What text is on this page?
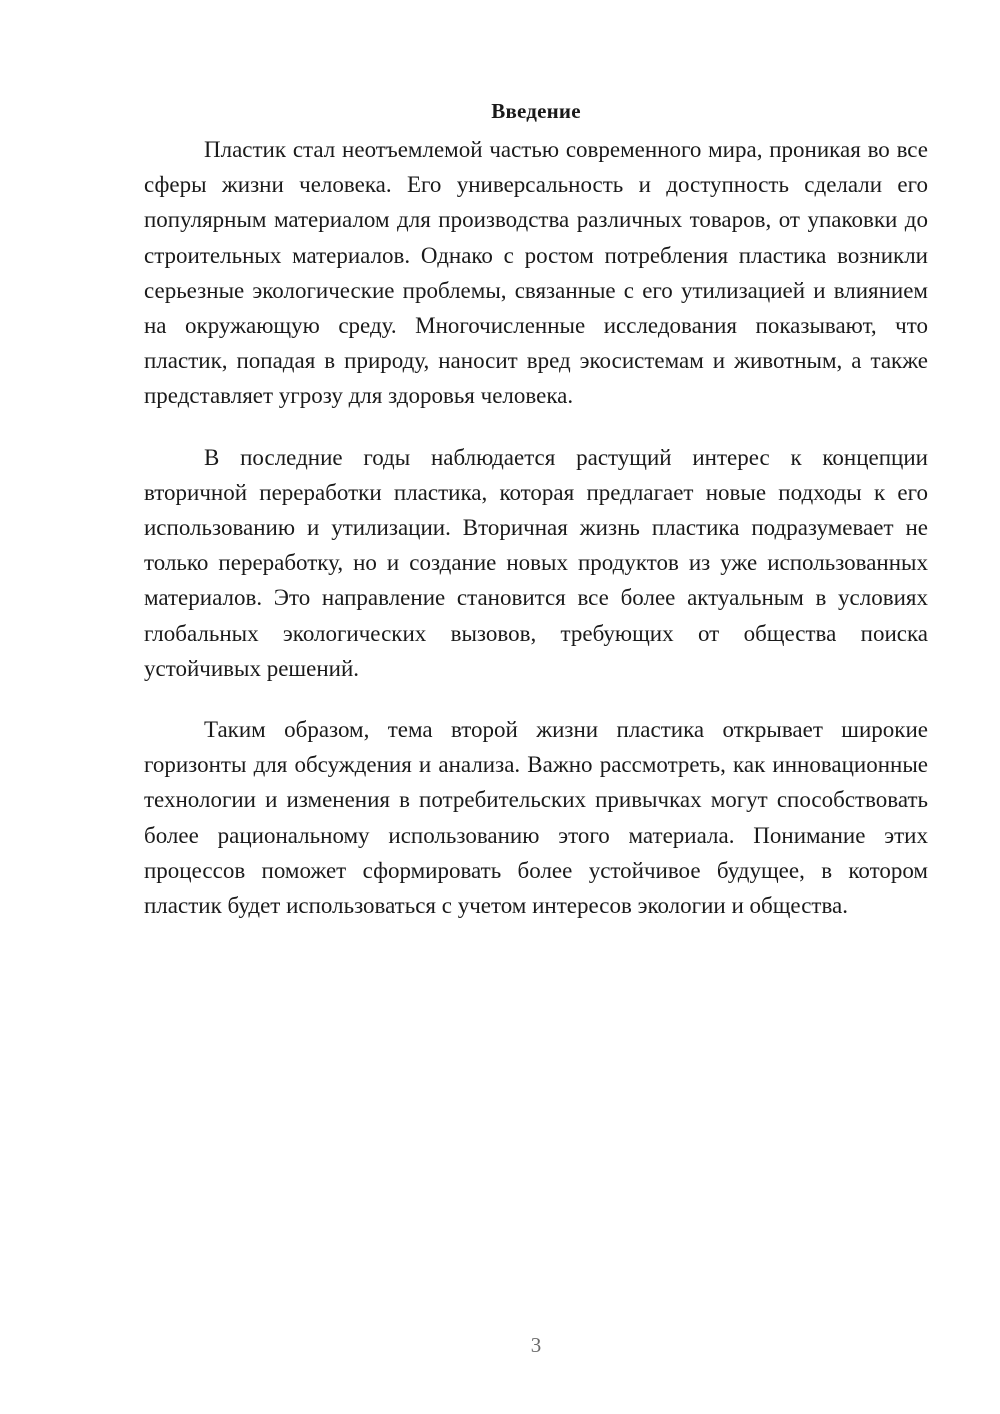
Введение

Пластик стал неотъемлемой частью современного мира, проникая во все сферы жизни человека. Его универсальность и доступность сделали его популярным материалом для производства различных товаров, от упаковки до строительных материалов. Однако с ростом потребления пластика возникли серьезные экологические проблемы, связанные с его утилизацией и влиянием на окружающую среду. Многочисленные исследования показывают, что пластик, попадая в природу, наносит вред экосистемам и животным, а также представляет угрозу для здоровья человека.

В последние годы наблюдается растущий интерес к концепции вторичной переработки пластика, которая предлагает новые подходы к его использованию и утилизации. Вторичная жизнь пластика подразумевает не только переработку, но и создание новых продуктов из уже использованных материалов. Это направление становится все более актуальным в условиях глобальных экологических вызовов, требующих от общества поиска устойчивых решений.

Таким образом, тема второй жизни пластика открывает широкие горизонты для обсуждения и анализа. Важно рассмотреть, как инновационные технологии и изменения в потребительских привычках могут способствовать более рациональному использованию этого материала. Понимание этих процессов поможет сформировать более устойчивое будущее, в котором пластик будет использоваться с учетом интересов экологии и общества.

3
